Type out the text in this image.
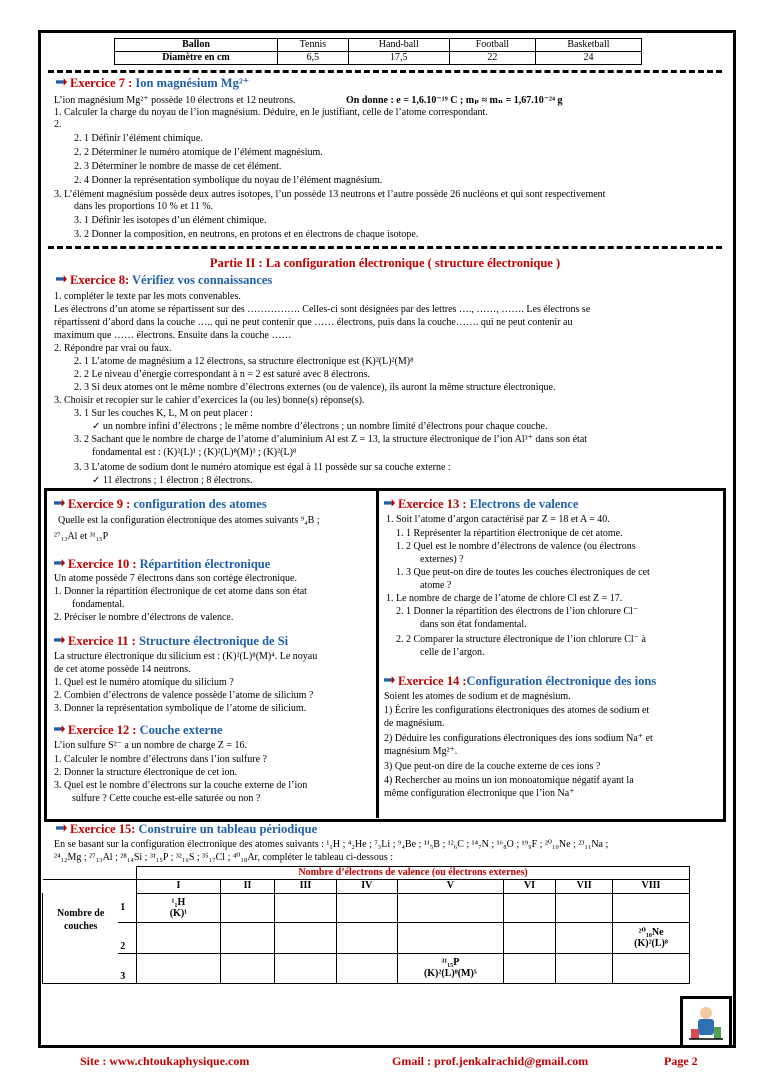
Ballon	Tennis	Hand-ball	Football	Basketball
Diamètre en cm	6,5	17,5	22	24
Exercice 7 : Ion magnésium Mg²⁺
L’ion magnésium Mg²⁺ possède 10 électrons et 12 neutrons.	On donne : e = 1,6.10⁻¹⁹ C ; mₚ ≈ mₙ = 1,67.10⁻²⁴ g
1. Calculer la charge du noyau de l’ion magnésium. Déduire, en le justifiant, celle de l’atome correspondant.
2.
2. 1 Définir l’élément chimique.
2. 2 Déterminer le numéro atomique de l’élément magnésium.
2. 3 Déterminer le nombre de masse de cet élément.
2. 4 Donner la représentation symbolique du noyau de l’élément magnésium.
3. L’élément magnésium possède deux autres isotopes, l’un possède 13 neutrons et l’autre possède 26 nucléons et qui sont respectivement
dans les proportions 10 % et 11 %.
3. 1 Définir les isotopes d’un élément chimique.
3. 2 Donner la composition, en neutrons, en protons et en électrons de chaque isotope.
Partie II : La configuration électronique ( structure électronique )
Exercice 8: Vérifiez vos connaissances
1. compléter le texte par les mots convenables.
Les électrons d’un atome se répartissent sur des ……………. Celles-ci sont désignées par des lettres …., ……, ……. Les électrons se
répartissent d’abord dans la couche ….. qui ne peut contenir que …… électrons, puis dans la couche……. qui ne peut contenir au
maximum que …… électrons. Ensuite dans la couche ……
2. Répondre par vrai ou faux.
2. 1 L’atome de magnésium a 12 électrons, sa structure électronique est (K)²(L)²(M)⁸
2. 2 Le niveau d’énergie correspondant à n = 2 est saturé avec 8 électrons.
2. 3 Si deux atomes ont le même nombre d’électrons externes (ou de valence), ils auront la même structure électronique.
3. Choisir et recopier sur le cahier d’exercices la (ou les) bonne(s) réponse(s).
3. 1 Sur les couches K, L, M on peut placer :
✓ un nombre infini d’électrons ; le même nombre d’électrons ; un nombre limité d’électrons pour chaque couche.
3. 2 Sachant que le nombre de charge de l’atome d’aluminium Al est Z = 13, la structure électronique de l’ion Al³⁺ dans son état
fondamental est : (K)²(L)¹ ; (K)²(L)⁸(M)³ ; (K)²(L)⁸
3. 3 L’atome de sodium dont le numéro atomique est égal à 11 possède sur sa couche externe :
✓ 11 électrons ; 1 électron ; 8 électrons.
Exercice 9 : configuration des atomes
Quelle est la configuration électronique des atomes suivants ⁹₄B ;
²⁷₁₃Al et ³¹₁₅P
Exercice 10 : Répartition électronique
Un atome possède 7 électrons dans son cortège électronique.
1. Donner la répartition électronique de cet atome dans son état
fondamental.
2. Préciser le nombre d’électrons de valence.
Exercice 11 : Structure électronique de Si
La structure électronique du silicium est : (K)²(L)⁸(M)⁴. Le noyau
de cet atome possède 14 neutrons.
1. Quel est le numéro atomique du silicium ?
2. Combien d’électrons de valence possède l’atome de silicium ?
3. Donner la représentation symbolique de l’atome de silicium.
Exercice 12 : Couche externe
L’ion sulfure S²⁻ a un nombre de charge Z = 16.
1. Calculer le nombre d’électrons dans l’ion sulfure ?
2. Donner la structure électronique de cet ion.
3. Quel est le nombre d’électrons sur la couche externe de l’ion
sulfure ? Cette couche est-elle saturée ou non ?
Exercice 13 : Electrons de valence
1. Soit l’atome d’argon caractérisé par Z = 18 et A = 40.
1. 1 Représenter la répartition électronique de cet atome.
1. 2 Quel est le nombre d’électrons de valence (ou électrons
externes) ?
1. 3 Que peut-on dire de toutes les couches électroniques de cet
atome ?
1. Le nombre de charge de l’atome de chlore Cl est Z = 17.
2. 1 Donner la répartition des électrons de l’ion chlorure Cl⁻
dans son état fondamental.
2. 2 Comparer la structure électronique de l’ion chlorure Cl⁻ à
celle de l’argon.
Exercice 14 :Configuration électronique des ions
Soient les atomes de sodium et de magnésium.
1) Écrire les configurations électroniques des atomes de sodium et
de magnésium.
2) Déduire les configurations électroniques des ions sodium Na⁺ et
magnésium Mg²⁺.
3) Que peut-on dire de la couche externe de ces ions ?
4) Rechercher au moins un ion monoatomique négatif ayant la
même configuration électronique que l’ion Na⁺
Exercice 15: Construire un tableau périodique
En se basant sur la configuration électronique des atomes suivants : ¹₁H ; ⁴₂He ; ⁷₃Li ; ⁹₄Be ; ¹¹₅B ; ¹²₆C ; ¹⁴₇N ; ¹⁶₈O ; ¹⁹₉F ; ²⁰₁₀Ne ; ²³₁₁Na ;
²⁴₁₂Mg ; ²⁷₁₃Al ; ²⁸₁₄Si ; ³¹₁₅P ; ³²₁₆S ; ³⁵₁₇Cl ; ⁴⁰₁₈Ar, compléter le tableau ci-dessous :
		Nombre d’électrons de valence (ou électrons externes)							
		I	II	III	IV	V	VI	VII	VIII
Nombre de couches	1	¹₁H
(K)¹							

	2								²⁰₁₀Ne
(K)²(L)⁸

	3					³¹₁₅P
(K)²(L)⁸(M)⁵			

Site : www.chtoukaphysique.com	Gmail : prof.jenkalrachid@gmail.com	Page 2
